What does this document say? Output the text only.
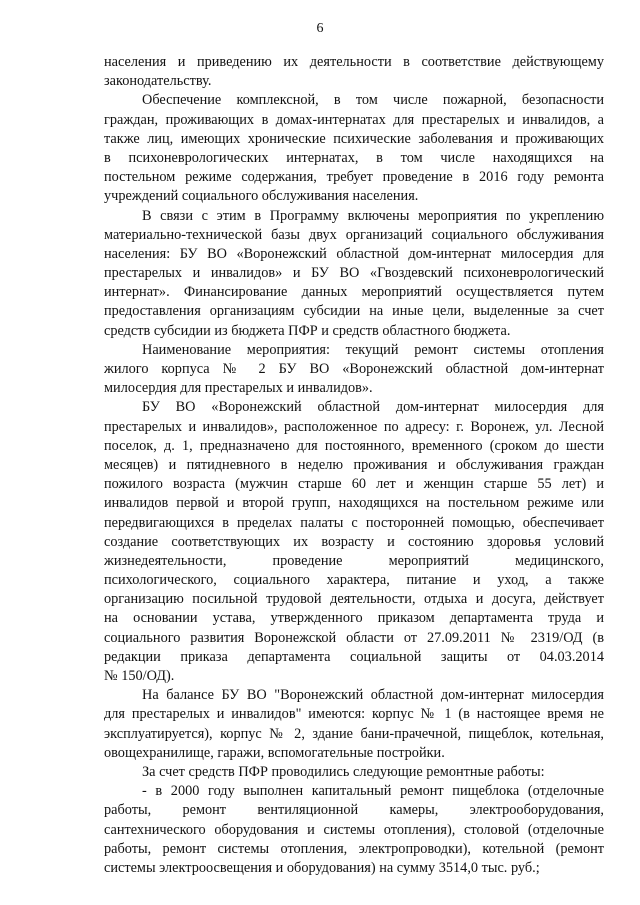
6
населения и приведению их деятельности в соответствие действующему
законодательству.
Обеспечение комплексной, в том числе пожарной, безопасности
граждан, проживающих в домах-интернатах для престарелых и инвалидов, а
также лиц, имеющих хронические психические заболевания и проживающих
в психоневрологических интернатах, в том числе находящихся на
постельном режиме содержания, требует проведение в 2016 году ремонта
учреждений социального обслуживания населения.
В связи с этим в Программу включены мероприятия по укреплению
материально-технической базы двух организаций социального обслуживания
населения: БУ ВО «Воронежский областной дом-интернат милосердия для
престарелых и инвалидов» и БУ ВО «Гвоздевский психоневрологический
интернат». Финансирование данных мероприятий осуществляется путем
предоставления организациям субсидии на иные цели, выделенные за счет
средств субсидии из бюджета ПФР и средств областного бюджета.
Наименование мероприятия: текущий ремонт системы отопления
жилого корпуса № 2 БУ ВО «Воронежский областной дом-интернат
милосердия для престарелых и инвалидов».
БУ ВО «Воронежский областной дом-интернат милосердия для
престарелых и инвалидов», расположенное по адресу: г. Воронеж, ул. Лесной
поселок, д. 1, предназначено для постоянного, временного (сроком до шести
месяцев) и пятидневного в неделю проживания и обслуживания граждан
пожилого возраста (мужчин старше 60 лет и женщин старше 55 лет) и
инвалидов первой и второй групп, находящихся на постельном режиме или
передвигающихся в пределах палаты с посторонней помощью, обеспечивает
создание соответствующих их возрасту и состоянию здоровья условий
жизнедеятельности, проведение мероприятий медицинского,
психологического, социального характера, питание и уход, а также
организацию посильной трудовой деятельности, отдыха и досуга, действует
на основании устава, утвержденного приказом департамента труда и
социального развития Воронежской области от 27.09.2011 № 2319/ОД (в
редакции приказа департамента социальной защиты от 04.03.2014
№ 150/ОД).
На балансе БУ ВО "Воронежский областной дом-интернат милосердия
для престарелых и инвалидов" имеются: корпус № 1 (в настоящее время не
эксплуатируется), корпус № 2, здание бани-прачечной, пищеблок, котельная,
овощехранилище, гаражи, вспомогательные постройки.
За счет средств ПФР проводились следующие ремонтные работы:
- в 2000 году выполнен капитальный ремонт пищеблока (отделочные
работы, ремонт вентиляционной камеры, электрооборудования,
сантехнического оборудования и системы отопления), столовой (отделочные
работы, ремонт системы отопления, электропроводки), котельной (ремонт
системы электроосвещения и оборудования) на сумму 3514,0 тыс. руб.;
